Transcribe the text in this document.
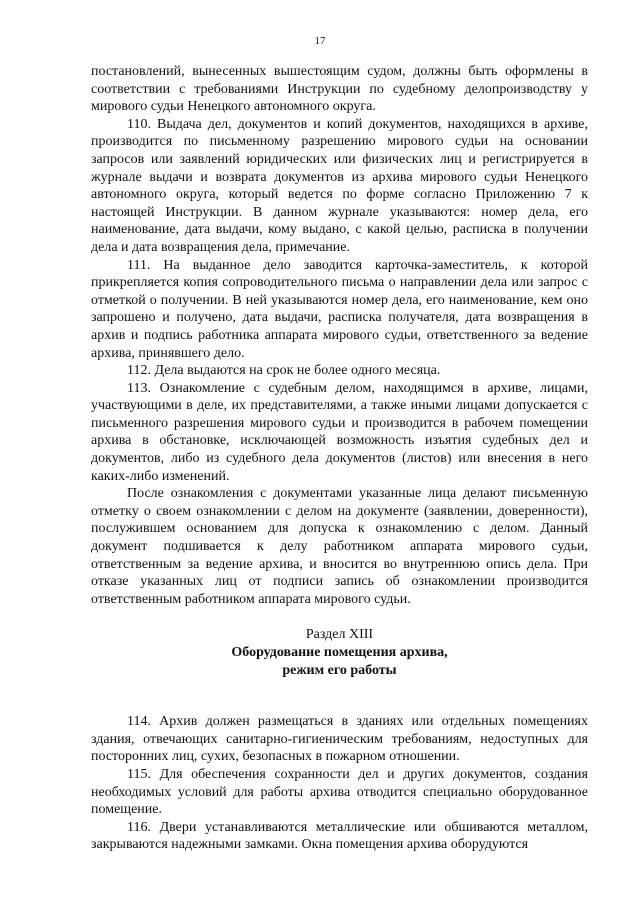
17

постановлений, вынесенных вышестоящим судом, должны быть оформлены в соответствии с требованиями Инструкции по судебному делопроизводству у мирового судьи Ненецкого автономного округа.

110. Выдача дел, документов и копий документов, находящихся в архиве, производится по письменному разрешению мирового судьи на основании запросов или заявлений юридических или физических лиц и регистрируется в журнале выдачи и возврата документов из архива мирового судьи Ненецкого автономного округа, который ведется по форме согласно Приложению 7 к настоящей Инструкции. В данном журнале указываются: номер дела, его наименование, дата выдачи, кому выдано, с какой целью, расписка в получении дела и дата возвращения дела, примечание.

111. На выданное дело заводится карточка-заместитель, к которой прикрепляется копия сопроводительного письма о направлении дела или запрос с отметкой о получении. В ней указываются номер дела, его наименование, кем оно запрошено и получено, дата выдачи, расписка получателя, дата возвращения в архив и подпись работника аппарата мирового судьи, ответственного за ведение архива, принявшего дело.

112. Дела выдаются на срок не более одного месяца.

113. Ознакомление с судебным делом, находящимся в архиве, лицами, участвующими в деле, их представителями, а также иными лицами допускается с письменного разрешения мирового судьи и производится в рабочем помещении архива в обстановке, исключающей возможность изъятия судебных дел и документов, либо из судебного дела документов (листов) или внесения в него каких-либо изменений.

После ознакомления с документами указанные лица делают письменную отметку о своем ознакомлении с делом на документе (заявлении, доверенности), послужившем основанием для допуска к ознакомлению с делом. Данный документ подшивается к делу работником аппарата мирового судьи, ответственным за ведение архива, и вносится во внутреннюю опись дела. При отказе указанных лиц от подписи запись об ознакомлении производится ответственным работником аппарата мирового судьи.

Раздел XIII
Оборудование помещения архива,
режим его работы

114. Архив должен размещаться в зданиях или отдельных помещениях здания, отвечающих санитарно-гигиеническим требованиям, недоступных для посторонних лиц, сухих, безопасных в пожарном отношении.

115. Для обеспечения сохранности дел и других документов, создания необходимых условий для работы архива отводится специально оборудованное помещение.

116. Двери устанавливаются металлические или обшиваются металлом, закрываются надежными замками. Окна помещения архива оборудуются
